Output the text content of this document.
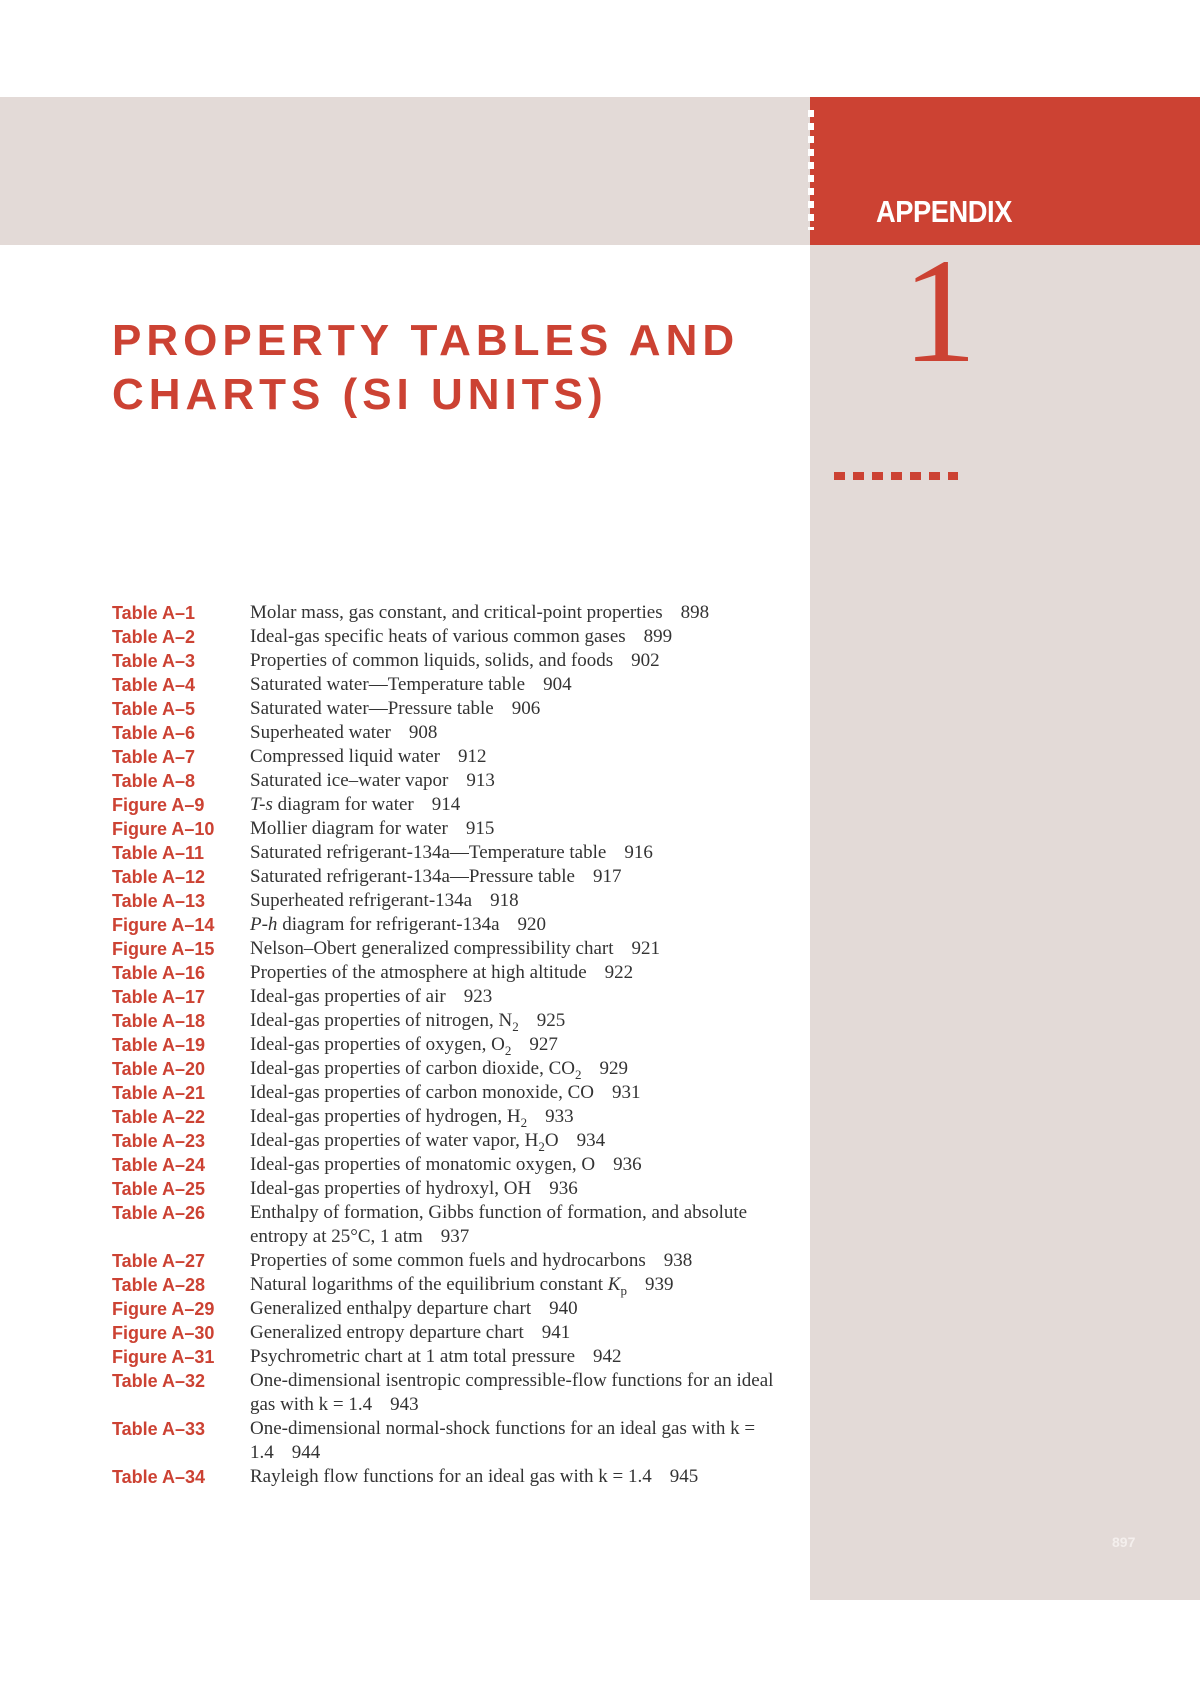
APPENDIX

1

PROPERTY TABLES AND
CHARTS (SI UNITS)
Table A–1	Molar mass, gas constant, and critical-point properties 898
Table A–2	Ideal-gas specific heats of various common gases 899
Table A–3	Properties of common liquids, solids, and foods 902
Table A–4	Saturated water—Temperature table 904
Table A–5	Saturated water—Pressure table 906
Table A–6	Superheated water 908
Table A–7	Compressed liquid water 912
Table A–8	Saturated ice–water vapor 913
Figure A–9	T-s diagram for water 914
Figure A–10	Mollier diagram for water 915
Table A–11	Saturated refrigerant-134a—Temperature table 916
Table A–12	Saturated refrigerant-134a—Pressure table 917
Table A–13	Superheated refrigerant-134a 918
Figure A–14	P-h diagram for refrigerant-134a 920
Figure A–15	Nelson–Obert generalized compressibility chart 921
Table A–16	Properties of the atmosphere at high altitude 922
Table A–17	Ideal-gas properties of air 923
Table A–18	Ideal-gas properties of nitrogen, $N_2$ 925
Table A–19	Ideal-gas properties of oxygen, $O_2$ 927
Table A–20	Ideal-gas properties of carbon dioxide, $CO_2$ 929
Table A–21	Ideal-gas properties of carbon monoxide, CO 931
Table A–22	Ideal-gas properties of hydrogen, $H_2$ 933
Table A–23	Ideal-gas properties of water vapor, $H_2O$ 934
Table A–24	Ideal-gas properties of monatomic oxygen, O 936
Table A–25	Ideal-gas properties of hydroxyl, OH 936
Table A–26	Enthalpy of formation, Gibbs function of formation, and absolute entropy at 25°C, 1 atm 937
Table A–27	Properties of some common fuels and hydrocarbons 938
Table A–28	Natural logarithms of the equilibrium constant $K_p$ 939
Figure A–29	Generalized enthalpy departure chart 940
Figure A–30	Generalized entropy departure chart 941
Figure A–31	Psychrometric chart at 1 atm total pressure 942
Table A–32	One-dimensional isentropic compressible-flow functions for an ideal gas with k = 1.4 943
Table A–33	One-dimensional normal-shock functions for an ideal gas with k = 1.4 944
Table A–34	Rayleigh flow functions for an ideal gas with k = 1.4 945

897
